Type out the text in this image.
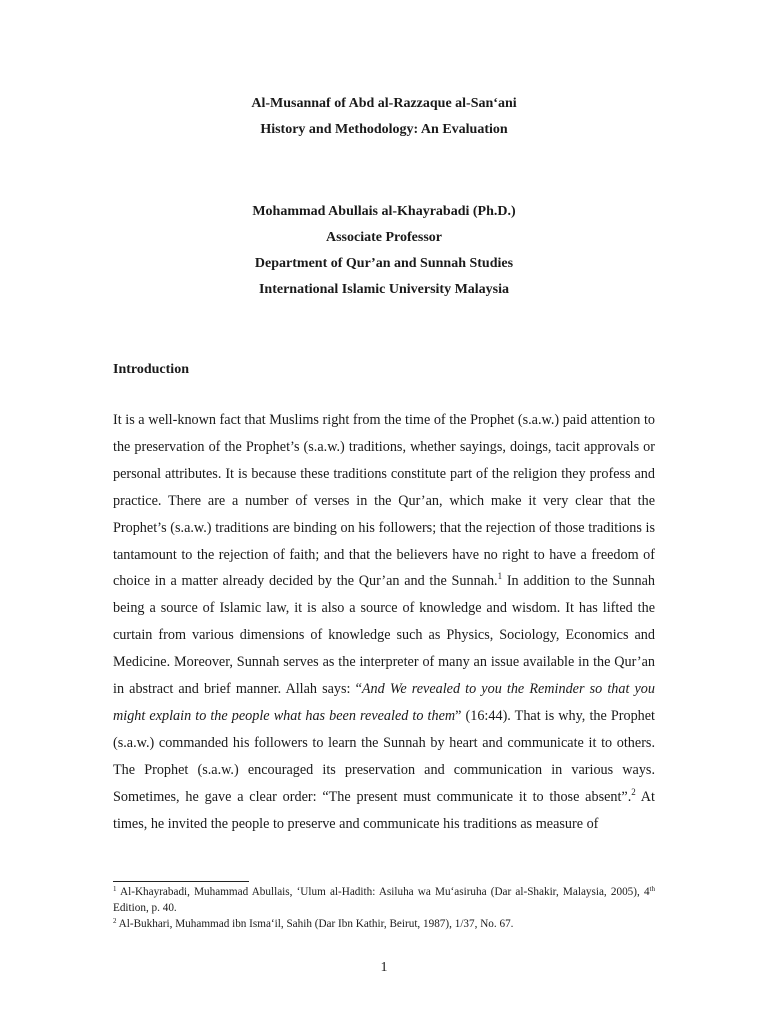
Al-Musannaf of Abd al-Razzaque al-San‘ani
History and Methodology: An Evaluation
Mohammad Abullais al-Khayrabadi (Ph.D.)
Associate Professor
Department of Qur’an and Sunnah Studies
International Islamic University Malaysia
Introduction

It is a well-known fact that Muslims right from the time of the Prophet (s.a.w.) paid attention to the preservation of the Prophet’s (s.a.w.) traditions, whether sayings, doings, tacit approvals or personal attributes. It is because these traditions constitute part of the religion they profess and practice. There are a number of verses in the Qur’an, which make it very clear that the Prophet’s (s.a.w.) traditions are binding on his followers; that the rejection of those traditions is tantamount to the rejection of faith; and that the believers have no right to have a freedom of choice in a matter already decided by the Qur’an and the Sunnah.$^1$ In addition to the Sunnah being a source of Islamic law, it is also a source of knowledge and wisdom. It has lifted the curtain from various dimensions of knowledge such as Physics, Sociology, Economics and Medicine. Moreover, Sunnah serves as the interpreter of many an issue available in the Qur’an in abstract and brief manner. Allah says: “And We revealed to you the Reminder so that you might explain to the people what has been revealed to them” (16:44). That is why, the Prophet (s.a.w.) commanded his followers to learn the Sunnah by heart and communicate it to others. The Prophet (s.a.w.) encouraged its preservation and communication in various ways. Sometimes, he gave a clear order: “The present must communicate it to those absent”.$^2$ At times, he invited the people to preserve and communicate his traditions as measure of

$^1$ Al-Khayrabadi, Muhammad Abullais, ‘Ulum al-Hadith: Asiluha wa Mu‘asiruha (Dar al-Shakir, Malaysia, 2005), 4th Edition, p. 40.

$^2$ Al-Bukhari, Muhammad ibn Isma‘il, Sahih (Dar Ibn Kathir, Beirut, 1987), 1/37, No. 67.

1
